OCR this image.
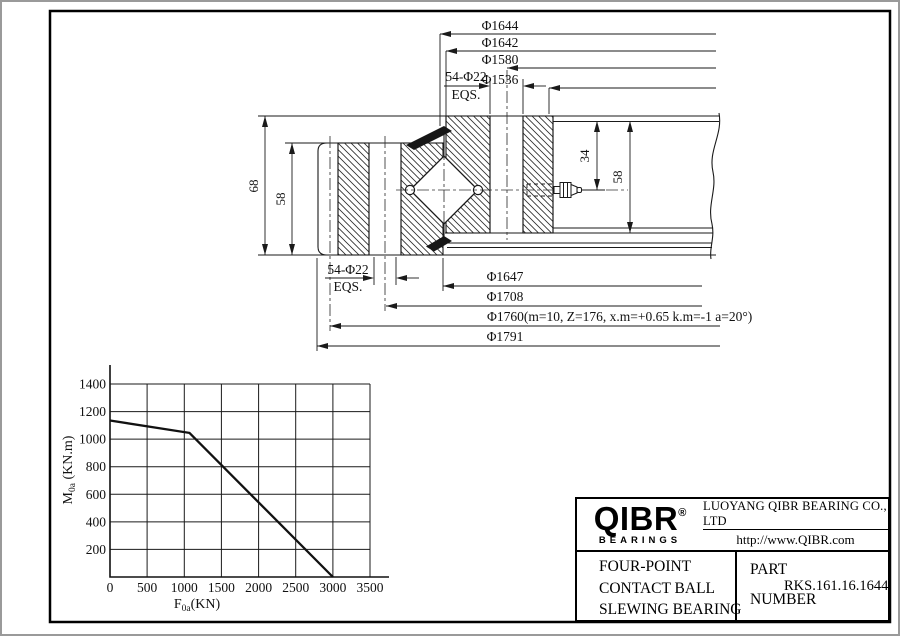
Φ1644
Φ1642
Φ1580
Φ1536
54-Φ22
EQS.
54-Φ22
EQS.
Φ1647
Φ1708
Φ1760(m=10, Z=176, x.m=+0.65 k.m=-1 a=20°)
Φ1791
68
58
34
58
1400
1200
1000
800
600
400
200
0 500 1000 1500 2000 2500 3000 3500
$M_{0a}$ (KN.m)
$F_{0a}(KN)$
QIBR®
BEARINGS
LUOYANG QIBR BEARING CO., LTD
http://www.QIBR.com
FOUR-POINT
CONTACT BALL
SLEWING BEARING
PART
NUMBER
RKS.161.16.1644
